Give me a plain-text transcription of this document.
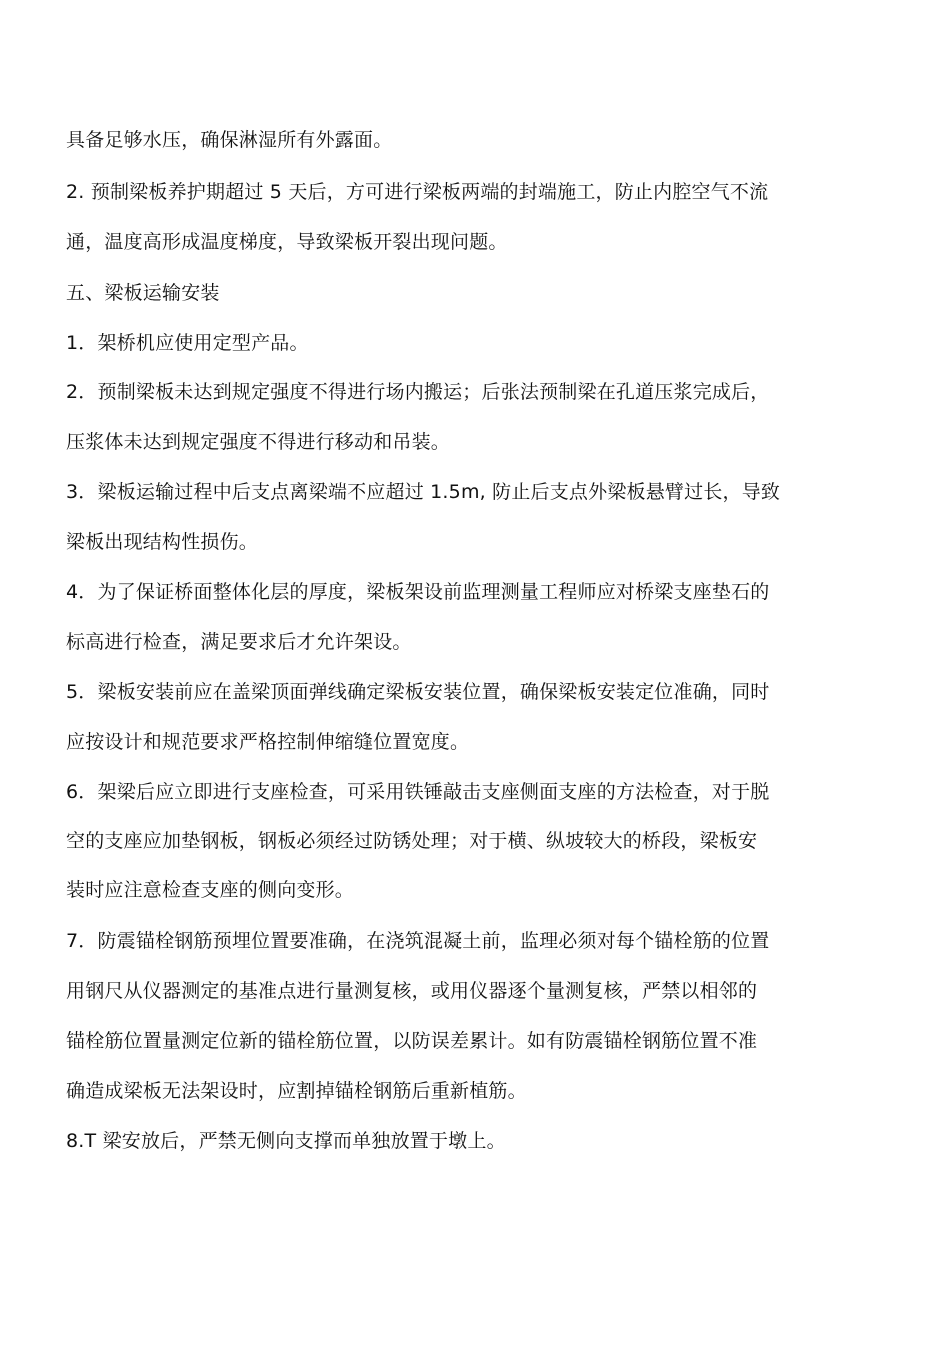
具备足够水压，确保淋湿所有外露面。
2. 预制梁板养护期超过 5 天后，方可进行梁板两端的封端施工，防止内腔空气不流
通，温度高形成温度梯度，导致梁板开裂出现问题。
五、梁板运输安装
1．架桥机应使用定型产品。
2．预制梁板未达到规定强度不得进行场内搬运；后张法预制梁在孔道压浆完成后，
压浆体未达到规定强度不得进行移动和吊装。
3．梁板运输过程中后支点离梁端不应超过 1.5m, 防止后支点外梁板悬臂过长，导致
梁板出现结构性损伤。
4．为了保证桥面整体化层的厚度，梁板架设前监理测量工程师应对桥梁支座垫石的
标高进行检查，满足要求后才允许架设。
5．梁板安装前应在盖梁顶面弹线确定梁板安装位置，确保梁板安装定位准确，同时
应按设计和规范要求严格控制伸缩缝位置宽度。
6．架梁后应立即进行支座检查，可采用铁锤敲击支座侧面支座的方法检查，对于脱
空的支座应加垫钢板，钢板必须经过防锈处理；对于横、纵坡较大的桥段，梁板安
装时应注意检查支座的侧向变形。
7．防震锚栓钢筋预埋位置要准确，在浇筑混凝土前，监理必须对每个锚栓筋的位置
用钢尺从仪器测定的基准点进行量测复核，或用仪器逐个量测复核，严禁以相邻的
锚栓筋位置量测定位新的锚栓筋位置，以防误差累计。如有防震锚栓钢筋位置不准
确造成梁板无法架设时，应割掉锚栓钢筋后重新植筋。
8.T 梁安放后，严禁无侧向支撑而单独放置于墩上。
